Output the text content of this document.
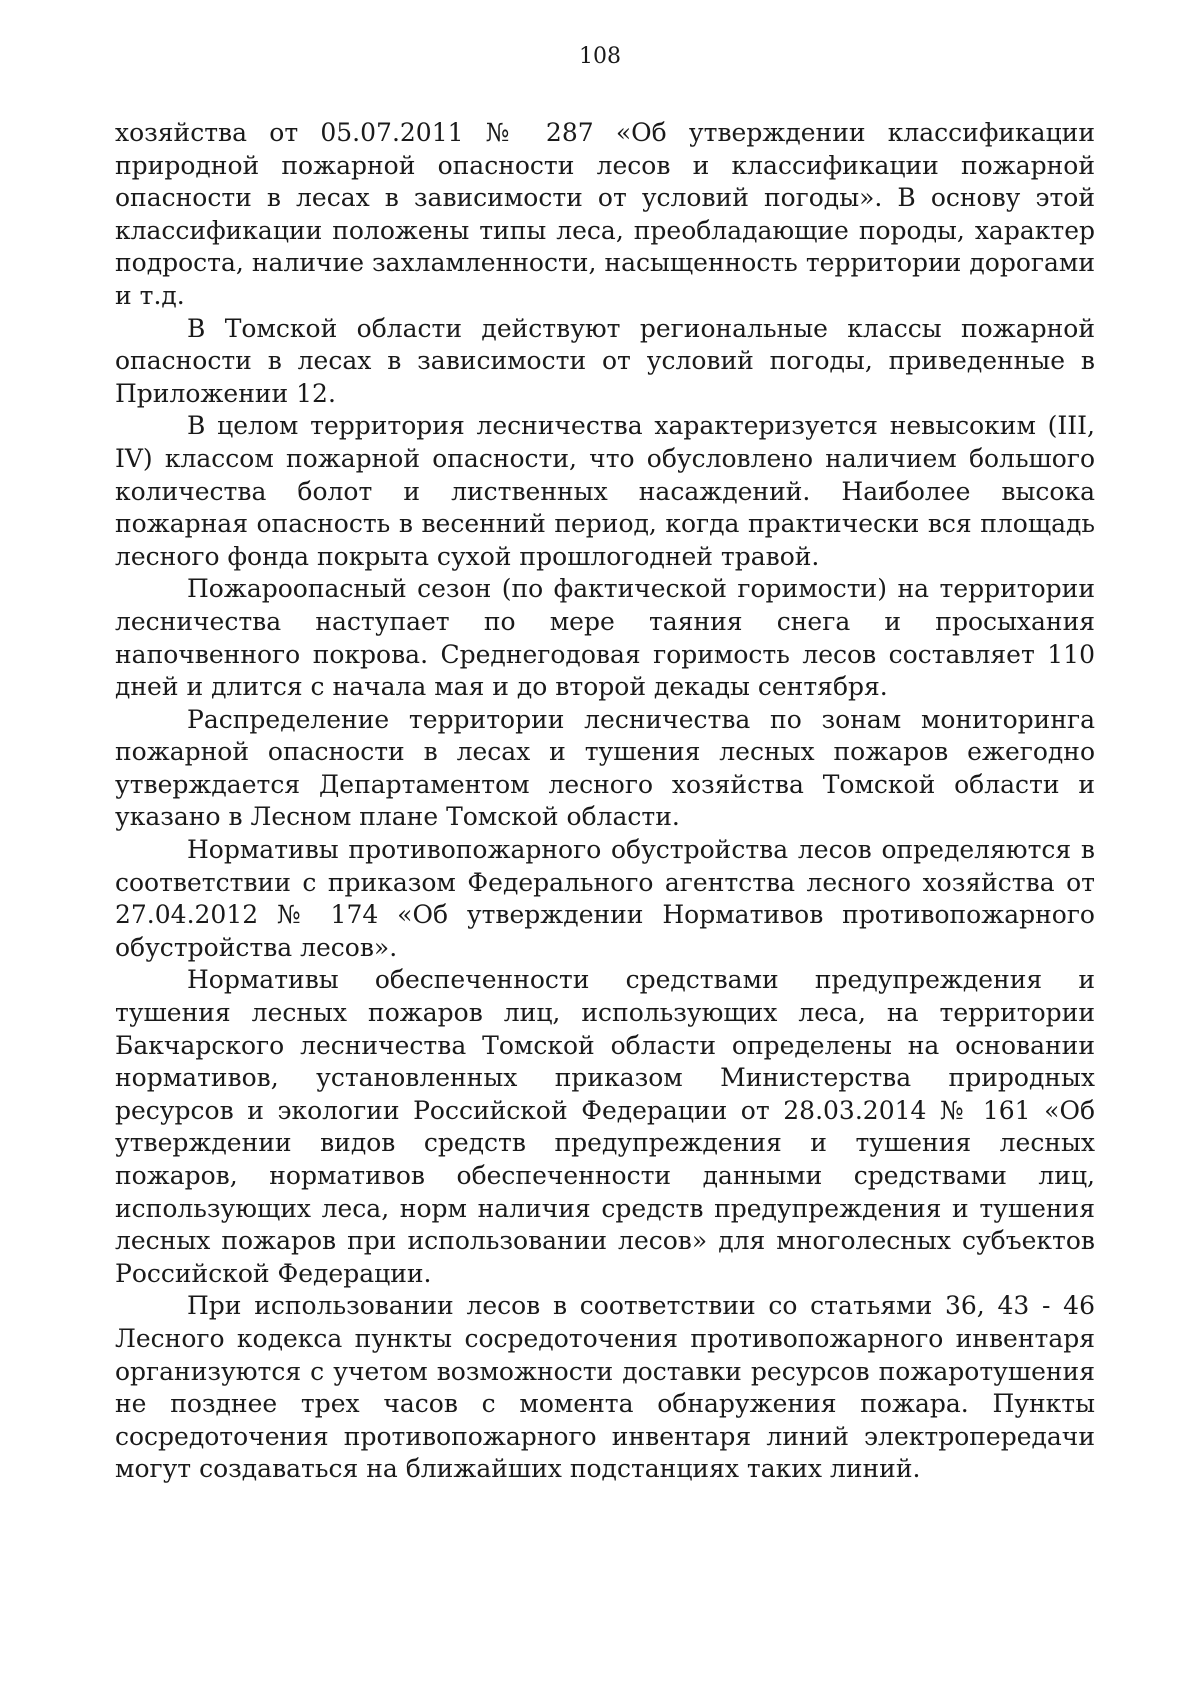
108

хозяйства от 05.07.2011 № 287 «Об утверждении классификации природной пожарной опасности лесов и классификации пожарной опасности в лесах в зависимости от условий погоды». В основу этой классификации положены типы леса, преобладающие породы, характер подроста, наличие захламленности, насыщенность территории дорогами и т.д.

В Томской области действуют региональные классы пожарной опасности в лесах в зависимости от условий погоды, приведенные в Приложении 12.

В целом территория лесничества характеризуется невысоким (III, IV) классом пожарной опасности, что обусловлено наличием большого количества болот и лиственных насаждений. Наиболее высока пожарная опасность в весенний период, когда практически вся площадь лесного фонда покрыта сухой прошлогодней травой.

Пожароопасный сезон (по фактической горимости) на территории лесничества наступает по мере таяния снега и просыхания напочвенного покрова. Среднегодовая горимость лесов составляет 110 дней и длится с начала мая и до второй декады сентября.

Распределение территории лесничества по зонам мониторинга пожарной опасности в лесах и тушения лесных пожаров ежегодно утверждается Департаментом лесного хозяйства Томской области и указано в Лесном плане Томской области.

Нормативы противопожарного обустройства лесов определяются в соответствии с приказом Федерального агентства лесного хозяйства от 27.04.2012 № 174 «Об утверждении Нормативов противопожарного обустройства лесов».

Нормативы обеспеченности средствами предупреждения и тушения лесных пожаров лиц, использующих леса, на территории Бакчарского лесничества Томской области определены на основании нормативов, установленных приказом Министерства природных ресурсов и экологии Российской Федерации от 28.03.2014 № 161 «Об утверждении видов средств предупреждения и тушения лесных пожаров, нормативов обеспеченности данными средствами лиц, использующих леса, норм наличия средств предупреждения и тушения лесных пожаров при использовании лесов» для многолесных субъектов Российской Федерации.

При использовании лесов в соответствии со статьями 36, 43 - 46 Лесного кодекса пункты сосредоточения противопожарного инвентаря организуются с учетом возможности доставки ресурсов пожаротушения не позднее трех часов с момента обнаружения пожара. Пункты сосредоточения противопожарного инвентаря линий электропередачи могут создаваться на ближайших подстанциях таких линий.
